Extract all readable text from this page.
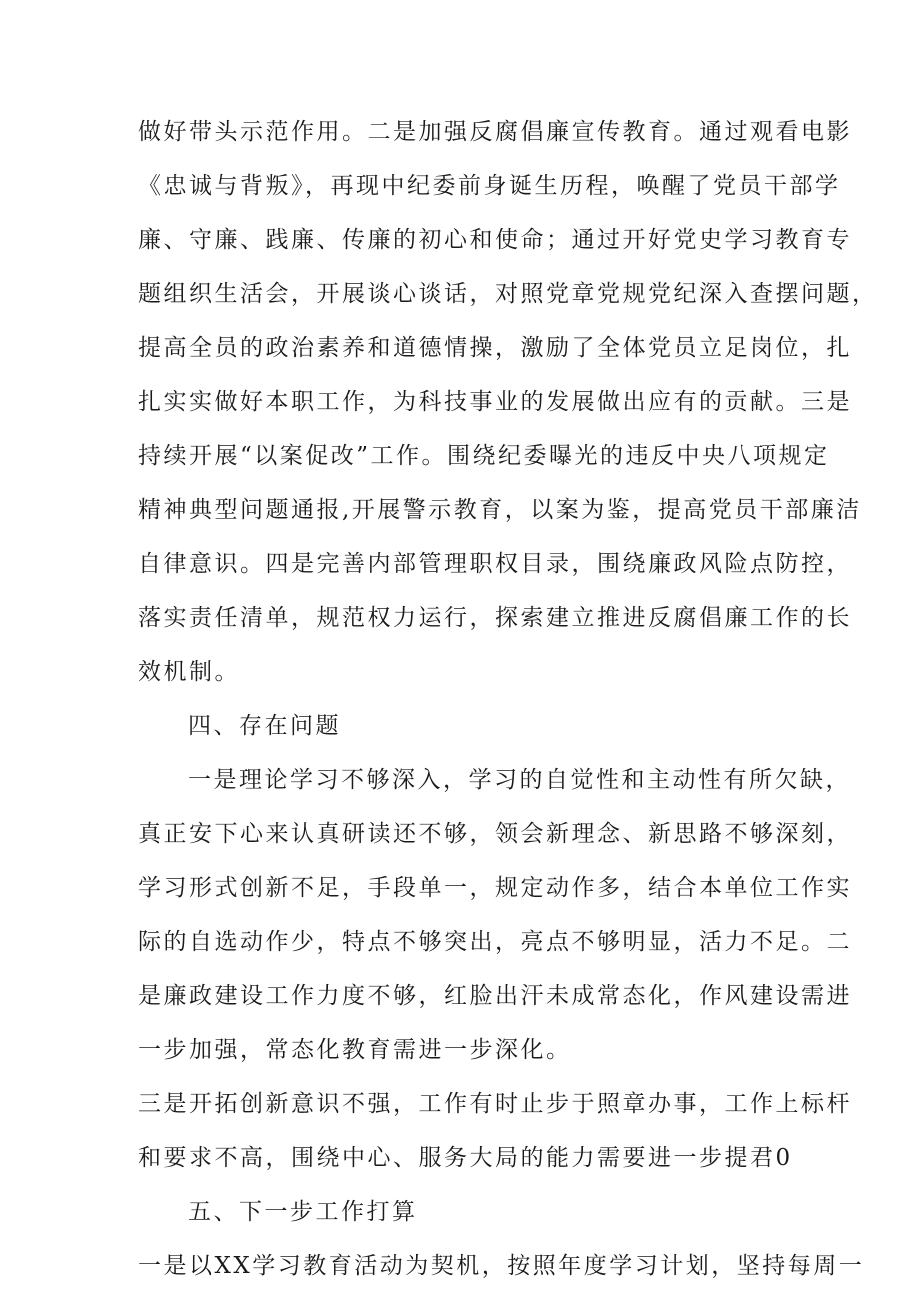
做好带头示范作用。二是加强反腐倡廉宣传教育。通过观看电影
《忠诚与背叛》，再现中纪委前身诞生历程，唤醒了党员干部学
廉、守廉、践廉、传廉的初心和使命；通过开好党史学习教育专
题组织生活会，开展谈心谈话，对照党章党规党纪深入查摆问题，
提高全员的政治素养和道德情操，激励了全体党员立足岗位，扎
扎实实做好本职工作，为科技事业的发展做出应有的贡献。三是
持续开展“以案促改”工作。围绕纪委曝光的违反中央八项规定
精神典型问题通报,开展警示教育，以案为鉴，提高党员干部廉洁
自律意识。四是完善内部管理职权目录，围绕廉政风险点防控，
落实责任清单，规范权力运行，探索建立推进反腐倡廉工作的长
效机制。
四、存在问题
一是理论学习不够深入，学习的自觉性和主动性有所欠缺，
真正安下心来认真研读还不够，领会新理念、新思路不够深刻，
学习形式创新不足，手段单一，规定动作多，结合本单位工作实
际的自选动作少，特点不够突出，亮点不够明显，活力不足。二
是廉政建设工作力度不够，红脸出汗未成常态化，作风建设需进
一步加强，常态化教育需进一步深化。
三是开拓创新意识不强，工作有时止步于照章办事，工作上标杆
和要求不高，围绕中心、服务大局的能力需要进一步提君0
五、下一步工作打算
一是以XX学习教育活动为契机，按照年度学习计划，坚持每周一
